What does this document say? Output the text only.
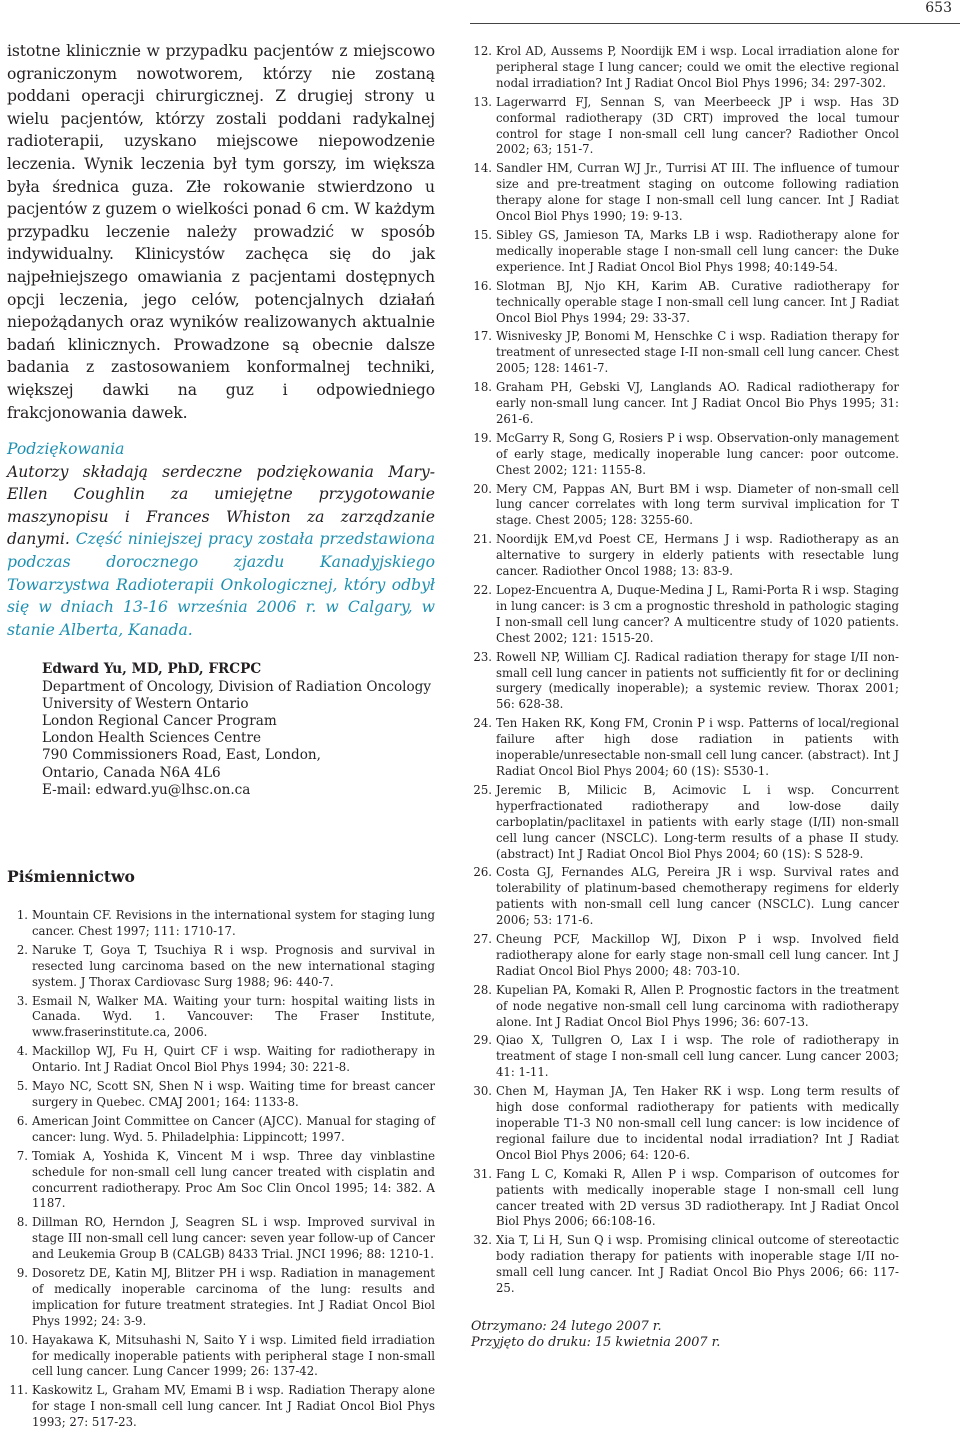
653

istotne klinicznie w przypadku pacjentów z miejscowo ograniczonym nowotworem, którzy nie zostaną poddani operacji chirurgicznej. Z drugiej strony u wielu pacjentów, którzy zostali poddani radykalnej radioterapii, uzyskano miejscowe niepowodzenie leczenia. Wynik leczenia był tym gorszy, im większa była średnica guza. Złe rokowanie stwierdzono u pacjentów z guzem o wielkości ponad 6 cm. W każdym przypadku leczenie należy prowadzić w sposób indywidualny. Klinicystów zachęca się do jak najpełniejszego omawiania z pacjentami dostępnych opcji leczenia, jego celów, potencjalnych działań niepożądanych oraz wyników realizowanych aktualnie badań klinicznych. Prowadzone są obecnie dalsze badania z zastosowaniem konformalnej techniki, większej dawki na guz i odpowiedniego frakcjonowania dawek.

Podziękowania

Autorzy składają serdeczne podziękowania Mary-Ellen Coughlin za umiejętne przygotowanie maszynopisu i Frances Whiston za zarządzanie danymi. Część niniejszej pracy została przedstawiona podczas dorocznego zjazdu Kanadyjskiego Towarzystwa Radioterapii Onkologicznej, który odbył się w dniach 13-16 września 2006 r. w Calgary, w stanie Alberta, Kanada.

Edward Yu, MD, PhD, FRCPC
Department of Oncology, Division of Radiation Oncology
University of Western Ontario
London Regional Cancer Program
London Health Sciences Centre
790 Commissioners Road, East, London,
Ontario, Canada N6A 4L6
E-mail: edward.yu@lhsc.on.ca
Piśmiennictwo
1. Mountain CF. Revisions in the international system for staging lung cancer. Chest 1997; 111: 1710-17.
2. Naruke T, Goya T, Tsuchiya R i wsp. Prognosis and survival in resected lung carcinoma based on the new international staging system. J Thorax Cardiovasc Surg 1988; 96: 440-7.
3. Esmail N, Walker MA. Waiting your turn: hospital waiting lists in Canada. Wyd. 1. Vancouver: The Fraser Institute, www.fraserinstitute.ca, 2006.
4. Mackillop WJ, Fu H, Quirt CF i wsp. Waiting for radiotherapy in Ontario. Int J Radiat Oncol Biol Phys 1994; 30: 221-8.
5. Mayo NC, Scott SN, Shen N i wsp. Waiting time for breast cancer surgery in Quebec. CMAJ 2001; 164: 1133-8.
6. American Joint Committee on Cancer (AJCC). Manual for staging of cancer: lung. Wyd. 5. Philadelphia: Lippincott; 1997.
7. Tomiak A, Yoshida K, Vincent M i wsp. Three day vinblastine schedule for non-small cell lung cancer treated with cisplatin and concurrent radiotherapy. Proc Am Soc Clin Oncol 1995; 14: 382. A 1187.
8. Dillman RO, Herndon J, Seagren SL i wsp. Improved survival in stage III non-small cell lung cancer: seven year follow-up of Cancer and Leukemia Group B (CALGB) 8433 Trial. JNCI 1996; 88: 1210-1.
9. Dosoretz DE, Katin MJ, Blitzer PH i wsp. Radiation in management of medically inoperable carcinoma of the lung: results and implication for future treatment strategies. Int J Radiat Oncol Biol Phys 1992; 24: 3-9.
10. Hayakawa K, Mitsuhashi N, Saito Y i wsp. Limited field irradiation for medically inoperable patients with peripheral stage I non-small cell lung cancer. Lung Cancer 1999; 26: 137-42.
11. Kaskowitz L, Graham MV, Emami B i wsp. Radiation Therapy alone for stage I non-small cell lung cancer. Int J Radiat Oncol Biol Phys 1993; 27: 517-23.
12. Krol AD, Aussems P, Noordijk EM i wsp. Local irradiation alone for peripheral stage I lung cancer; could we omit the elective regional nodal irradiation? Int J Radiat Oncol Biol Phys 1996; 34: 297-302.
13. Lagerwarrd FJ, Sennan S, van Meerbeeck JP i wsp. Has 3D conformal radiotherapy (3D CRT) improved the local tumour control for stage I non-small cell lung cancer? Radiother Oncol 2002; 63; 151-7.
14. Sandler HM, Curran WJ Jr., Turrisi AT III. The influence of tumour size and pre-treatment staging on outcome following radiation therapy alone for stage I non-small cell lung cancer. Int J Radiat Oncol Biol Phys 1990; 19: 9-13.
15. Sibley GS, Jamieson TA, Marks LB i wsp. Radiotherapy alone for medically inoperable stage I non-small cell lung cancer: the Duke experience. Int J Radiat Oncol Biol Phys 1998; 40:149-54.
16. Slotman BJ, Njo KH, Karim AB. Curative radiotherapy for technically operable stage I non-small cell lung cancer. Int J Radiat Oncol Biol Phys 1994; 29: 33-37.
17. Wisnivesky JP, Bonomi M, Henschke C i wsp. Radiation therapy for treatment of unresected stage I-II non-small cell lung cancer. Chest 2005; 128: 1461-7.
18. Graham PH, Gebski VJ, Langlands AO. Radical radiotherapy for early non-small lung cancer. Int J Radiat Oncol Bio Phys 1995; 31: 261-6.
19. McGarry R, Song G, Rosiers P i wsp. Observation-only management of early stage, medically inoperable lung cancer: poor outcome. Chest 2002; 121: 1155-8.
20. Mery CM, Pappas AN, Burt BM i wsp. Diameter of non-small cell lung cancer correlates with long term survival implication for T stage. Chest 2005; 128: 3255-60.
21. Noordijk EM,vd Poest CE, Hermans J i wsp. Radiotherapy as an alternative to surgery in elderly patients with resectable lung cancer. Radiother Oncol 1988; 13: 83-9.
22. Lopez-Encuentra A, Duque-Medina J L, Rami-Porta R i wsp. Staging in lung cancer: is 3 cm a prognostic threshold in pathologic staging I non-small cell lung cancer? A multicentre study of 1020 patients. Chest 2002; 121: 1515-20.
23. Rowell NP, William CJ. Radical radiation therapy for stage I/II non-small cell lung cancer in patients not sufficiently fit for or declining surgery (medically inoperable); a systemic review. Thorax 2001; 56: 628-38.
24. Ten Haken RK, Kong FM, Cronin P i wsp. Patterns of local/regional failure after high dose radiation in patients with inoperable/unresectable non-small cell lung cancer. (abstract). Int J Radiat Oncol Biol Phys 2004; 60 (1S): S530-1.
25. Jeremic B, Milicic B, Acimovic L i wsp. Concurrent hyperfractionated radiotherapy and low-dose daily carboplatin/paclitaxel in patients with early stage (I/II) non-small cell lung cancer (NSCLC). Long-term results of a phase II study. (abstract) Int J Radiat Oncol Biol Phys 2004; 60 (1S): S 528-9.
26. Costa GJ, Fernandes ALG, Pereira JR i wsp. Survival rates and tolerability of platinum-based chemotherapy regimens for elderly patients with non-small cell lung cancer (NSCLC). Lung cancer 2006; 53: 171-6.
27. Cheung PCF, Mackillop WJ, Dixon P i wsp. Involved field radiotherapy alone for early stage non-small cell lung cancer. Int J Radiat Oncol Biol Phys 2000; 48: 703-10.
28. Kupelian PA, Komaki R, Allen P. Prognostic factors in the treatment of node negative non-small cell lung carcinoma with radiotherapy alone. Int J Radiat Oncol Biol Phys 1996; 36: 607-13.
29. Qiao X, Tullgren O, Lax I i wsp. The role of radiotherapy in treatment of stage I non-small cell lung cancer. Lung cancer 2003; 41: 1-11.
30. Chen M, Hayman JA, Ten Haker RK i wsp. Long term results of high dose conformal radiotherapy for patients with medically inoperable T1-3 N0 non-small cell lung cancer: is low incidence of regional failure due to incidental nodal irradiation? Int J Radiat Oncol Biol Phys 2006; 64: 120-6.
31. Fang L C, Komaki R, Allen P i wsp. Comparison of outcomes for patients with medically inoperable stage I non-small cell lung cancer treated with 2D versus 3D radiotherapy. Int J Radiat Oncol Biol Phys 2006; 66:108-16.
32. Xia T, Li H, Sun Q i wsp. Promising clinical outcome of stereotactic body radiation therapy for patients with inoperable stage I/II no-small cell lung cancer. Int J Radiat Oncol Bio Phys 2006; 66: 117-25.
Otrzymano: 24 lutego 2007 r.
Przyjęto do druku: 15 kwietnia 2007 r.
